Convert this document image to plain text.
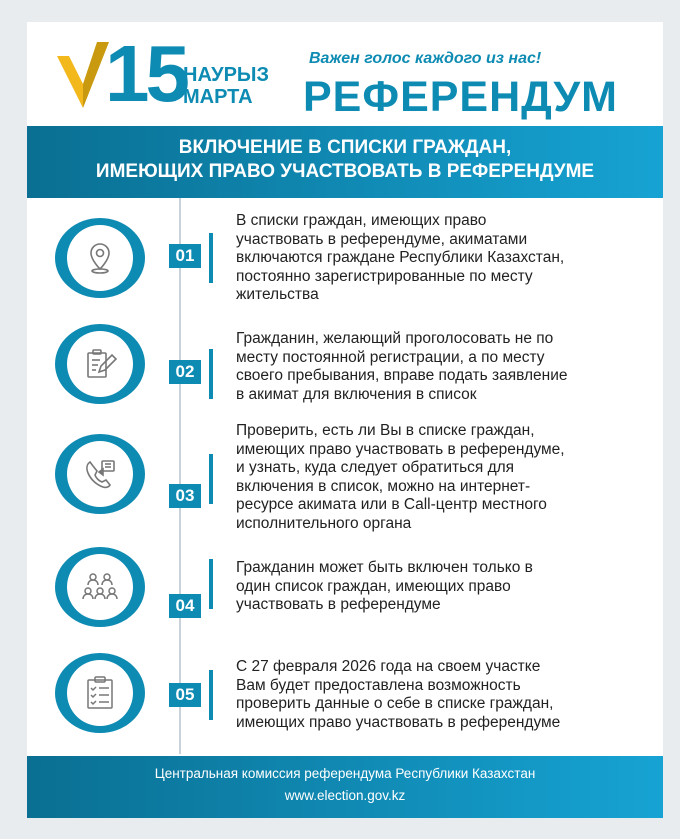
15
НАУРЫЗ
МАРТА
Важен голос каждого из нас!
РЕФЕРЕНДУМ
ВКЛЮЧЕНИЕ В СПИСКИ ГРАЖДАН,
ИМЕЮЩИХ ПРАВО УЧАСТВОВАТЬ В РЕФЕРЕНДУМЕ
01
В списки граждан, имеющих право
участвовать в референдуме, акиматами
включаются граждане Республики Казахстан,
постоянно зарегистрированные по месту
жительства
02
Гражданин, желающий проголосовать не по
месту постоянной регистрации, а по месту
своего пребывания, вправе подать заявление
в акимат для включения в список
03
Проверить, есть ли Вы в списке граждан,
имеющих право участвовать в референдуме,
и узнать, куда следует обратиться для
включения в список, можно на интернет-
ресурсе акимата или в Call-центр местного
исполнительного органа
04
Гражданин может быть включен только в
один список граждан, имеющих право
участвовать в референдуме
05
С 27 февраля 2026 года на своем участке
Вам будет предоставлена возможность
проверить данные о себе в списке граждан,
имеющих право участвовать в референдуме
Центральная комиссия референдума Республики Казахстан
www.election.gov.kz
